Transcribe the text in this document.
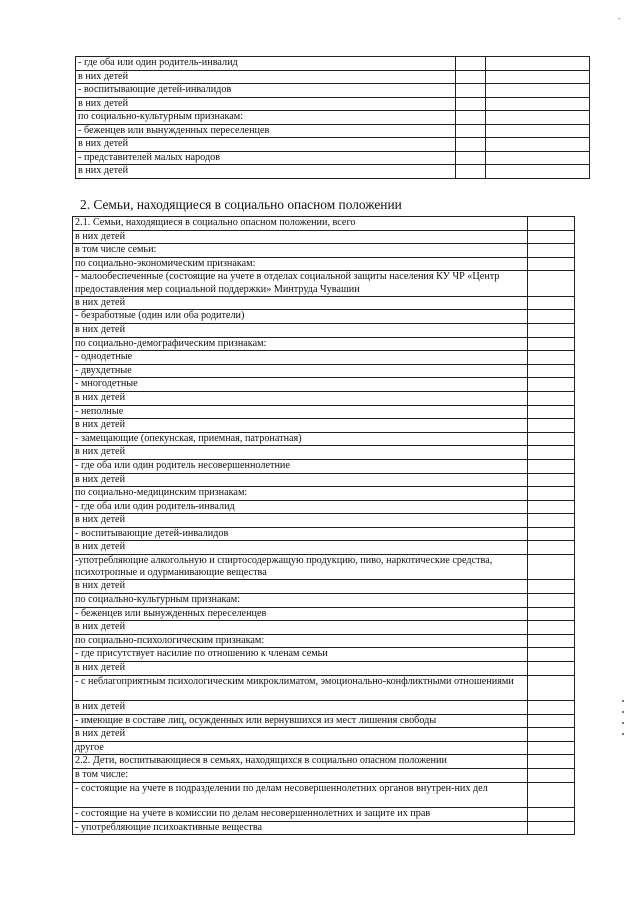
-
- где оба или один родитель-инвалид		
в них детей		
- воспитывающие детей-инвалидов		
в них детей		
по социально-культурным признакам:		
- беженцев или вынужденных переселенцев		
в них детей		
- представителей малых народов		
в них детей		
2. Семьи, находящиеся в социально опасном положении
2.1. Семьи, находящиеся в социально опасном положении, всего	
в них детей	
в том числе семьи:	
по социально-экономическим признакам:	
- малообеспеченные (состоящие на учете в отделах социальной защиты населения КУ ЧР «Центр предоставления мер социальной поддержки» Минтруда Чувашии	
в них детей	
- безработные (один или оба родители)	
в них детей	
по социально-демографическим признакам:	
- однодетные	
- двухдетные	
- многодетные	
в них детей	
- неполные	
в них детей	
- замещающие (опекунская, приемная, патронатная)	
в них детей	
- где оба или один родитель несовершеннолетние	
в них детей	
по социально-медицинским признакам:	
- где оба или один родитель-инвалид	
в них детей	
- воспитывающие детей-инвалидов	
в них детей	
-употребляющие алкогольную и спиртосодержащую продукцию, пиво, наркотические средства, психотропные и одурманивающие вещества	
в них детей	
по социально-культурным признакам:	
- беженцев или вынужденных переселенцев	
в них детей	
по социально-психологическим признакам:	
- где присутствует насилие по отношению к членам семьи	
в них детей	
- с неблагоприятным психологическим микроклиматом, эмоционально-конфликтными отношениями	
в них детей	
- имеющие в составе лиц, осужденных или вернувшихся из мест лишения свободы	
в них детей	
другое	
2.2. Дети, воспитывающиеся в семьях, находящихся в социально опасном положении	
в том числе:	
- состоящие на учете в подразделении по делам несовершеннолетних органов внутрен-них дел	
- состоящие на учете в комиссии по делам несовершеннолетних и защите их прав	
- употребляющие психоактивные вещества	
